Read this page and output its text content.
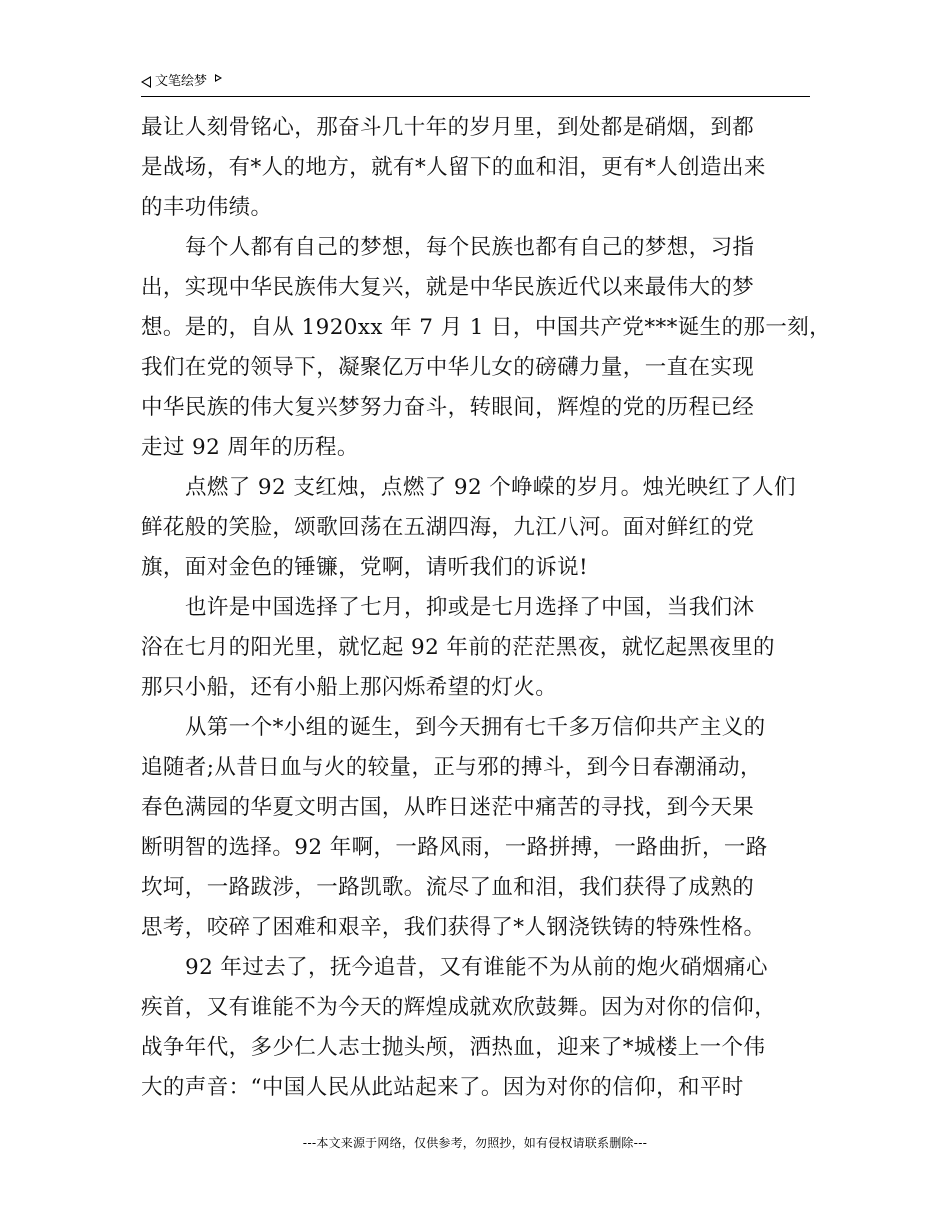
文笔绘梦
最让人刻骨铭心，那奋斗几十年的岁月里，到处都是硝烟，到都
是战场，有*人的地方，就有*人留下的血和泪，更有*人创造出来
的丰功伟绩。
每个人都有自己的梦想，每个民族也都有自己的梦想，习指
出，实现中华民族伟大复兴，就是中华民族近代以来最伟大的梦
想。是的，自从 1920xx 年 7 月 1 日，中国共产党***诞生的那一刻，
我们在党的领导下，凝聚亿万中华儿女的磅礴力量，一直在实现
中华民族的伟大复兴梦努力奋斗，转眼间，辉煌的党的历程已经
走过 92 周年的历程。
点燃了 92 支红烛，点燃了 92 个峥嵘的岁月。烛光映红了人们
鲜花般的笑脸，颂歌回荡在五湖四海，九江八河。面对鲜红的党
旗，面对金色的锤镰，党啊，请听我们的诉说!
也许是中国选择了七月，抑或是七月选择了中国，当我们沐
浴在七月的阳光里，就忆起 92 年前的茫茫黑夜，就忆起黑夜里的
那只小船，还有小船上那闪烁希望的灯火。
从第一个*小组的诞生，到今天拥有七千多万信仰共产主义的
追随者;从昔日血与火的较量，正与邪的搏斗，到今日春潮涌动，
春色满园的华夏文明古国，从昨日迷茫中痛苦的寻找，到今天果
断明智的选择。92 年啊，一路风雨，一路拼搏，一路曲折，一路
坎坷，一路跋涉，一路凯歌。流尽了血和泪，我们获得了成熟的
思考，咬碎了困难和艰辛，我们获得了*人钢浇铁铸的特殊性格。
92 年过去了，抚今追昔，又有谁能不为从前的炮火硝烟痛心
疾首，又有谁能不为今天的辉煌成就欢欣鼓舞。因为对你的信仰，
战争年代，多少仁人志士抛头颅，洒热血，迎来了*城楼上一个伟
大的声音：“中国人民从此站起来了。因为对你的信仰，和平时
---本文来源于网络，仅供参考，勿照抄，如有侵权请联系删除---
